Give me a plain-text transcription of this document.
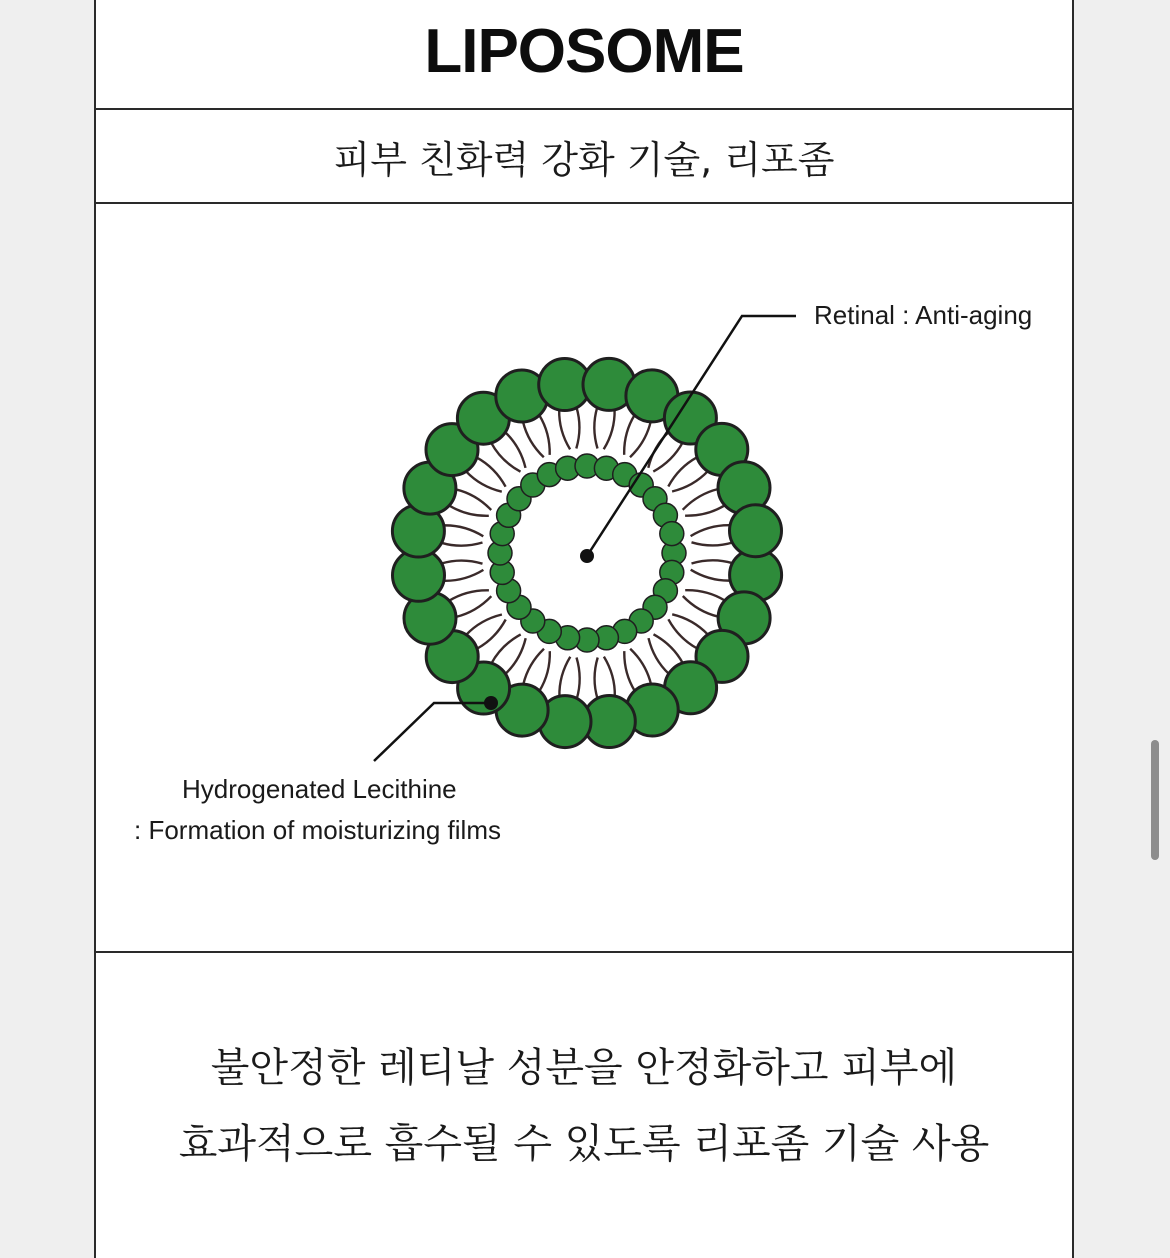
LIPOSOME
피부 친화력 강화 기술, 리포좀
Retinal : Anti-aging
Hydrogenated Lecithine
: Formation of moisturizing films
불안정한 레티날 성분을 안정화하고 피부에
효과적으로 흡수될 수 있도록 리포좀 기술 사용
